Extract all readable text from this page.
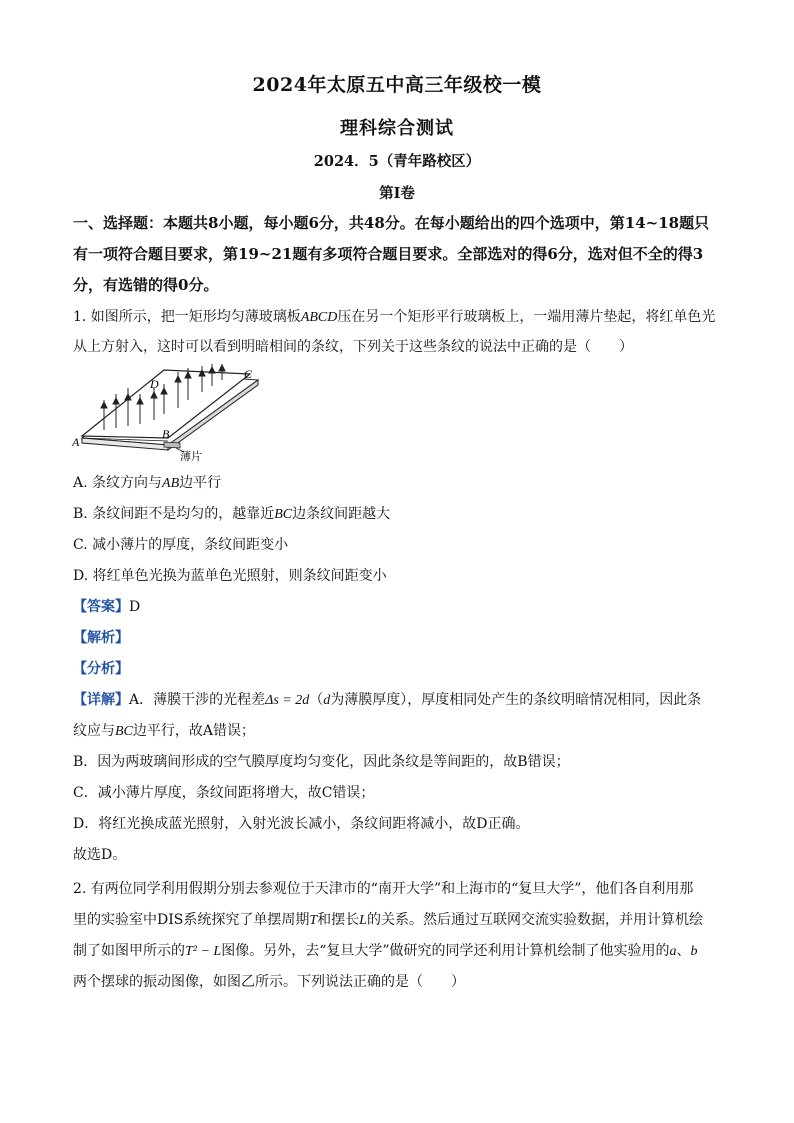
2024年太原五中高三年级校一模
理科综合测试
2024．5（青年路校区）
第Ⅰ卷
一、选择题：本题共8小题，每小题6分，共48分。在每小题给出的四个选项中，第14~18题只有一项符合题目要求，第19~21题有多项符合题目要求。全部选对的得6分，选对但不全的得3分，有选错的得0分。
1. 如图所示，把一矩形均匀薄玻璃板ABCD压在另一个矩形平行玻璃板上，一端用薄片垫起，将红单色光
从上方射入，这时可以看到明暗相间的条纹，下列关于这些条纹的说法中正确的是（　　）
A
B
C
D
薄片
A. 条纹方向与AB边平行
B. 条纹间距不是均匀的，越靠近BC边条纹间距越大
C. 减小薄片的厚度，条纹间距变小
D. 将红单色光换为蓝单色光照射，则条纹间距变小
【答案】D
【解析】
【分析】
【详解】A．薄膜干涉的光程差Δs = 2d（d为薄膜厚度），厚度相同处产生的条纹明暗情况相同，因此条
纹应与BC边平行，故A错误；
B．因为两玻璃间形成的空气膜厚度均匀变化，因此条纹是等间距的，故B错误；
C．减小薄片厚度，条纹间距将增大，故C错误；
D．将红光换成蓝光照射，入射光波长减小，条纹间距将减小，故D正确。
故选D。
2. 有两位同学利用假期分别去参观位于天津市的“南开大学”和上海市的“复旦大学”，他们各自利用那
里的实验室中DIS系统探究了单摆周期T和摆长L的关系。然后通过互联网交流实验数据，并用计算机绘
制了如图甲所示的T² − L图像。另外，去“复旦大学”做研究的同学还利用计算机绘制了他实验用的a、b
两个摆球的振动图像，如图乙所示。下列说法正确的是（　　）
